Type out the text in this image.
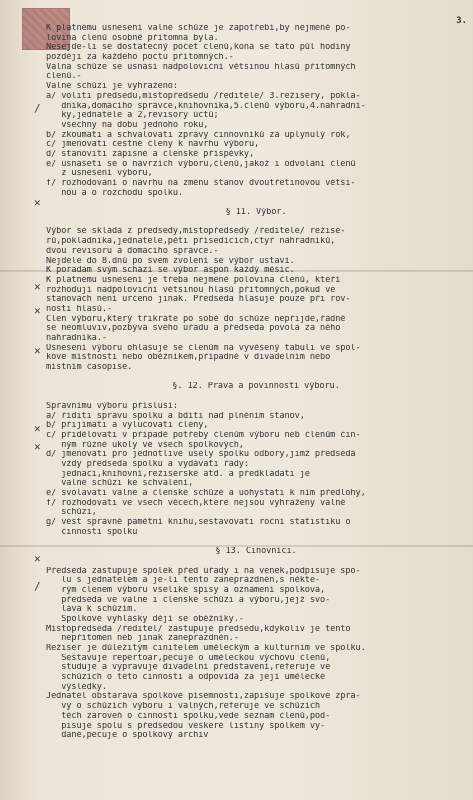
3.
/
✕
✕
✕
✕
✕
✕
✕
/
K platnému usnesení valné schůze je zapotřebí,by nejméně po-
lovina členů osobně přítomna byla.
Nesejde-li se dostatečný počet členů,koná se tato půl hodiny
později za každého počtu přítomných.-
Valná schůze se usnáší nadpoloviční většinou hlasů přítomných
členů.-
Valné schůzi je vyhraženo:
a/ voliti předsedu,místopředsedu /ředitele/ 3.režiséry, pokla-
dníka,domácího správce,knihovníka,5.členů výboru,4.náhradní-
ky,jednatele a 2,revisory účtů;
všechny na dobu jednoho roku,
b/ zkoumati a schvalovati zprávy činnovníků za uplynulý rok,
c/ jmenovati čestné členy k návrhu výboru,
d/ stanoviti zápisné a členské příspěvky,
e/ usnášeti se o návrzích výboru,členů,jakož i odvolání členů
z usnesení výboru,
f/ rozhodování o návrhu na změnu stanov dvoutřetinovou větši-
nou a o rozchodu spolku.
§ 11. Výbor.
Výbor se skládá z předsedy,místopředsedy /ředitele/ režisé-
rů,pokladníka,jednatele,pěti přísedících,čtyř náhradníků,
dvou revisoru a domácího správce.-
Nejdéle do 8.dnů po svém zvolení se výbor ustaví.
K poradám svým schází se výbor aspoň každý měsíc.
K platnému usnesení je třeba nejméně polovina členů, kteří
rozhodují nadpoloviční většinou hlasů přítomných,pokud ve
stanovách není určeno jinak. Předseda hlasuje pouze při rov-
nosti hlasů.-
Člen výboru,který třikráte po sobě do schůze nepřijde,řádně
se neomluviv,pozbývá svého úřadu a předseda povolá za něho
náhradníka.-
Usnesení výboru ohlašuje se členům na vyvěšený tabuli ve spol-
kové místnosti nebo oběžníkem,případně v divadelním nebo
místním časopise.
§. 12. Práva a povinností výboru.
Správnímu výboru přísluší:
a/ říditi správu spolku a bdíti nad plněním stanov,
b/ přijímati a vylučovati členy,
c/ přidělovati v případě potřeby členům výboru neb členům čin-
ným různé úkoly ve všech spolkových,
d/ jmenovati pro jednotlivé úsely spolku odbory,jimž předsedá
vždy předseda spolku a vydávati řády:
jednací,knihovní,režisérské atd. a předkládati je
valné schůzi ke schválení,
e/ svolávati valné a členské schůze a uohystati k ním předlohy,
f/ rozhodovati ve všech věcech,které nejsou vyhraženy valné
schůzi,
g/ vést správně pamětní knihu,sestavovati roční statistiku o
činnosti spolku
§ 13. Činovníci.
Předseda zastupuje spolek před úřady i na venek,podpisuje spo-
lu s jednatelem a je-li tento zaneprázdněn,s někte-
rým členem výboru všeliké spisy a oznámení spolková,
předsedá ve valné i členské schůzi a výboru,jejž svo-
lává k schůzím.
Spolkové vyhlášky dějí se oběžníky.-
Místopředseda /ředitel/ zastupuje předsedu,kdykoliv je tento
nepřítomen neb jinak zaneprázdněn.-
Režisér je důležitým činitelem uměleckým a kulturním ve spolku.
Sestavuje repertoar,pečuje o uměleckou výchovu členů,
studuje a vypravuje divadelní představení,referuje ve
schůzích o této činnosti a odpovídá za její umělecké
výsledky.
Jednatel obstarává spolkové písemnosti,zapisuje spolkové zprá-
vy o schůzích výboru i valných,referuje ve schůzích
těch zároveň o činnosti spolku,vede seznam členů,pod-
pisuje spolu s předsedou veškeré listiny spolkem vy-
dané,pečuje o spolkový archiv
